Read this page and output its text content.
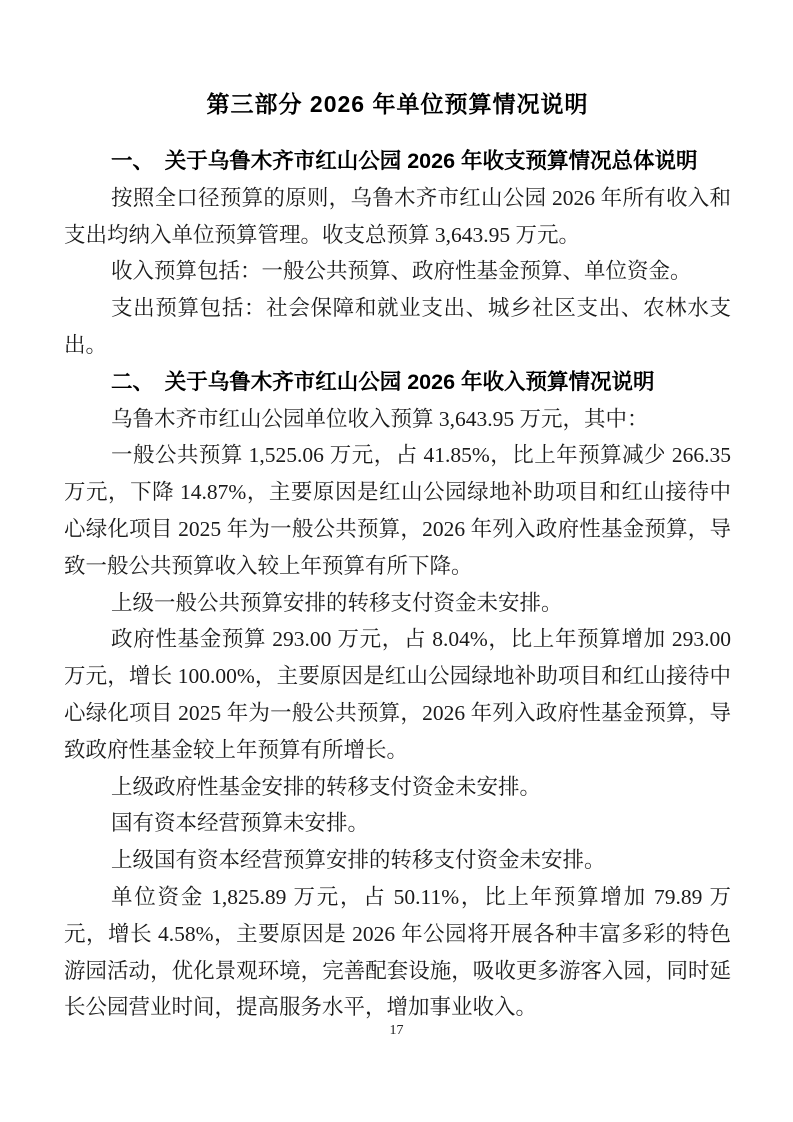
第三部分 2026 年单位预算情况说明
一、　关于乌鲁木齐市红山公园 2026 年收支预算情况总体说明

按照全口径预算的原则，乌鲁木齐市红山公园 2026 年所有收入和支出均纳入单位预算管理。收支总预算 3,643.95 万元。

收入预算包括：一般公共预算、政府性基金预算、单位资金。

支出预算包括：社会保障和就业支出、城乡社区支出、农林水支出。

二、　关于乌鲁木齐市红山公园 2026 年收入预算情况说明

乌鲁木齐市红山公园单位收入预算 3,643.95 万元，其中：

一般公共预算 1,525.06 万元，占 41.85%，比上年预算减少 266.35 万元，下降 14.87%，主要原因是红山公园绿地补助项目和红山接待中心绿化项目 2025 年为一般公共预算，2026 年列入政府性基金预算，导致一般公共预算收入较上年预算有所下降。

上级一般公共预算安排的转移支付资金未安排。

政府性基金预算 293.00 万元，占 8.04%，比上年预算增加 293.00 万元，增长 100.00%，主要原因是红山公园绿地补助项目和红山接待中心绿化项目 2025 年为一般公共预算，2026 年列入政府性基金预算，导致政府性基金较上年预算有所增长。

上级政府性基金安排的转移支付资金未安排。

国有资本经营预算未安排。

上级国有资本经营预算安排的转移支付资金未安排。

单位资金 1,825.89 万元，占 50.11%，比上年预算增加 79.89 万元，增长 4.58%，主要原因是 2026 年公园将开展各种丰富多彩的特色游园活动，优化景观环境，完善配套设施，吸收更多游客入园，同时延长公园营业时间，提高服务水平，增加事业收入。

17
